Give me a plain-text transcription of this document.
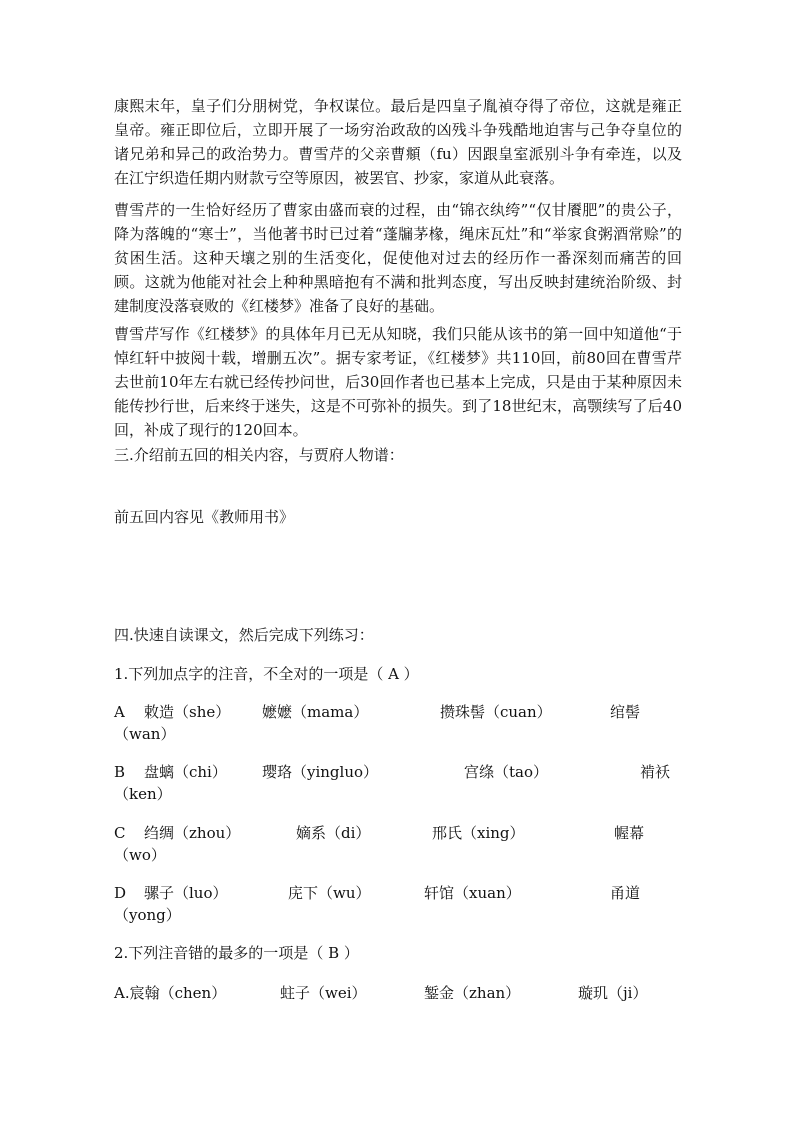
康熙末年，皇子们分朋树党，争权谋位。最后是四皇子胤禎夺得了帝位，这就是雍正皇帝。雍正即位后，立即开展了一场穷治政敌的凶残斗争残酷地迫害与己争夺皇位的诸兄弟和异己的政治势力。曹雪芹的父亲曹頫（fu）因跟皇室派别斗争有牵连，以及在江宁织造任期内财款亏空等原因，被罢官、抄家，家道从此衰落。

曹雪芹的一生恰好经历了曹家由盛而衰的过程，由“锦衣纨绔”“仅甘餍肥”的贵公子，降为落魄的“寒士”，当他著书时已过着“蓬牖茅椽，绳床瓦灶”和“举家食粥酒常赊”的贫困生活。这种天壤之别的生活变化，促使他对过去的经历作一番深刻而痛苦的回顾。这就为他能对社会上种种黑暗抱有不满和批判态度，写出反映封建统治阶级、封建制度没落衰败的《红楼梦》准备了良好的基础。

曹雪芹写作《红楼梦》的具体年月已无从知晓，我们只能从该书的第一回中知道他“于悼红轩中披阅十载，增删五次”。据专家考证，《红楼梦》共110回，前80回在曹雪芹去世前10年左右就已经传抄问世，后30回作者也已基本上完成，只是由于某种原因未能传抄行世，后来终于迷失，这是不可弥补的损失。到了18世纪末，高颚续写了后40回，补成了现行的120回本。

三.介绍前五回的相关内容，与贾府人物谱：
前五回内容见《教师用书》
四.快速自读课文，然后完成下列练习：
1.下列加点字的注音，不全对的一项是（ A ）
A 敕造（she） 嬷嬷（mama）	攒珠髻（cuan）	绾髻
（wan）
B 盘螭（chi） 璎珞（yingluo）	宫绦（tao）	褃袄
（ken）
C 绉绸（zhou）	嫡系（di）	邢氏（xing）	幄幕
（wo）
D 骡子（luo）	庑下（wu）	轩馆（xuan）	甬道
（yong）
2.下列注音错的最多的一项是（ B ）
A.宸翰（chen）	蛀子（wei）	錾金（zhan）	璇玑（ji）
